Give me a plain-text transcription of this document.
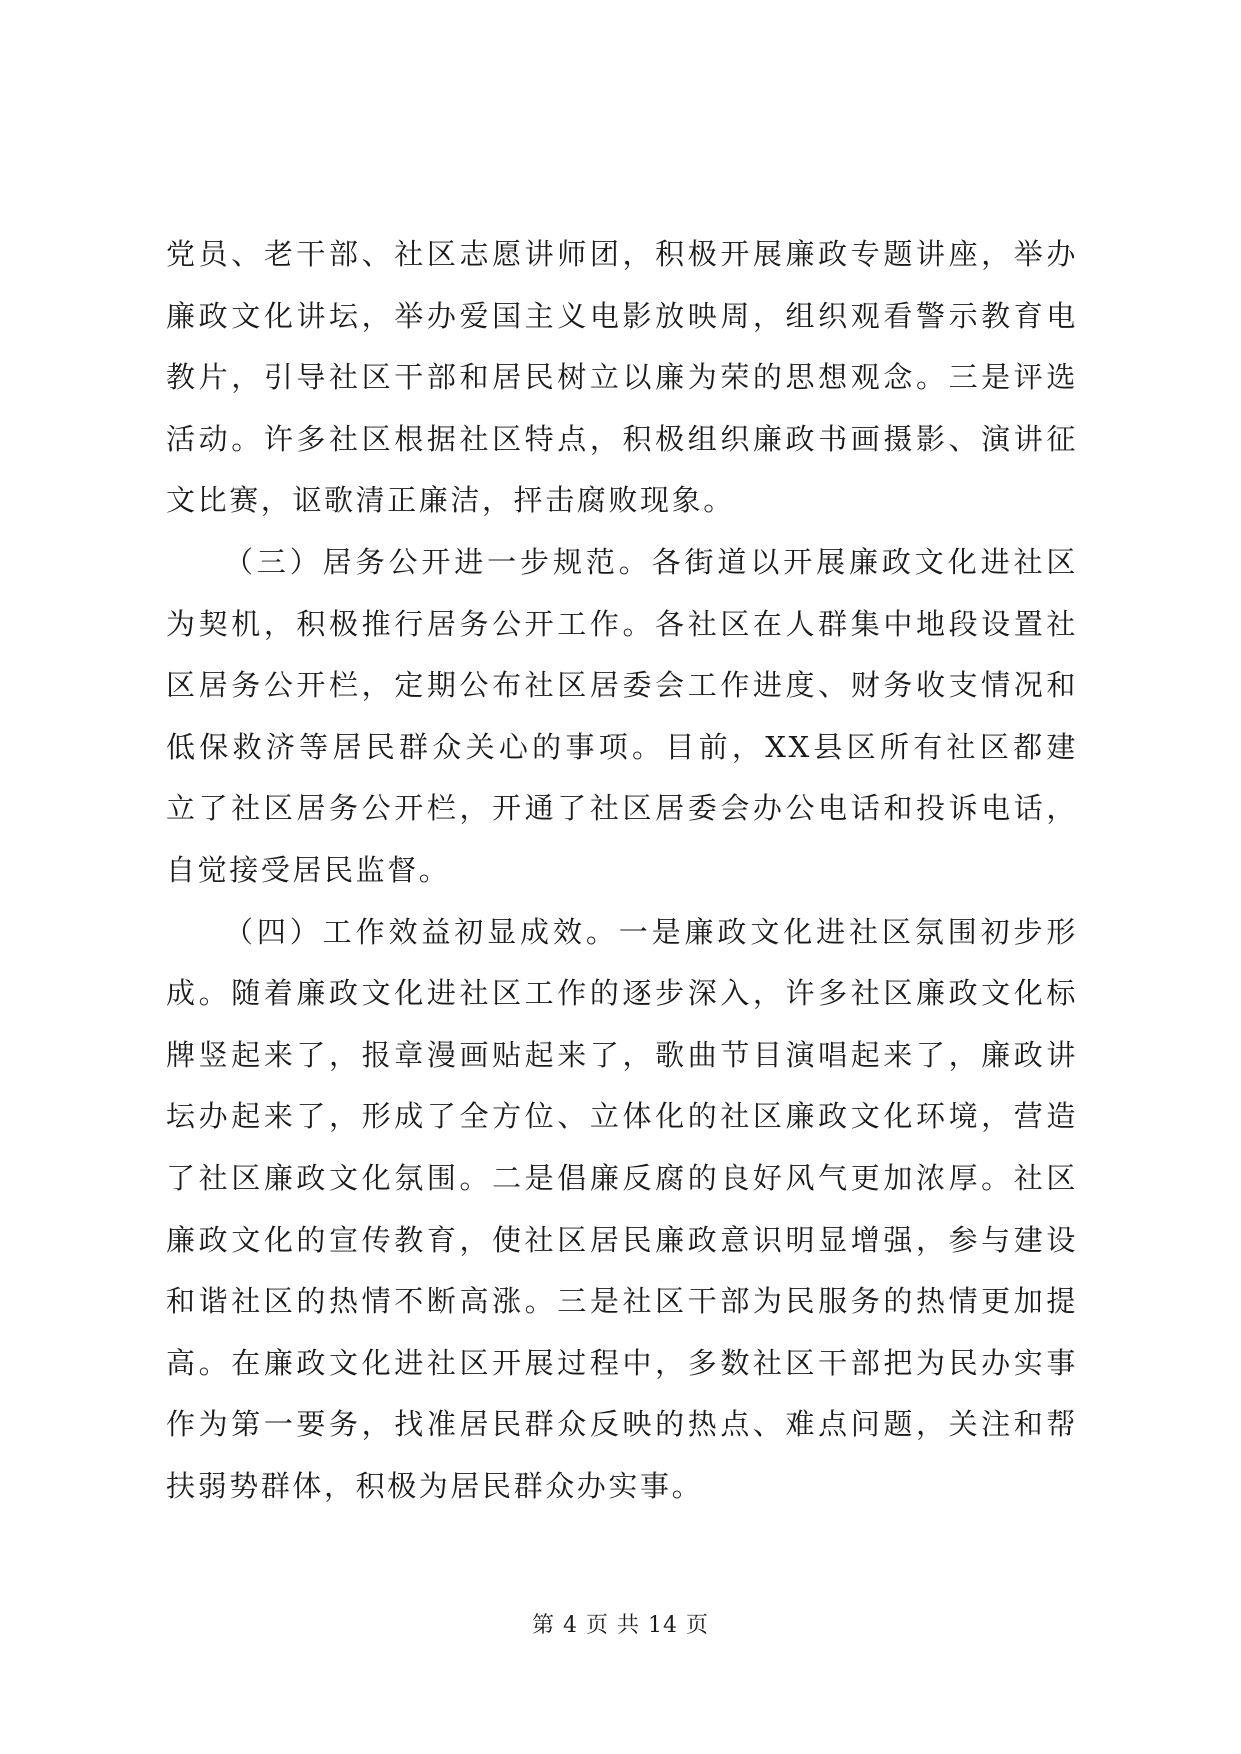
党员、老干部、社区志愿讲师团，积极开展廉政专题讲座，举办
廉政文化讲坛，举办爱国主义电影放映周，组织观看警示教育电
教片，引导社区干部和居民树立以廉为荣的思想观念。三是评选
活动。许多社区根据社区特点，积极组织廉政书画摄影、演讲征
文比赛，讴歌清正廉洁，抨击腐败现象。
（三）居务公开进一步规范。各街道以开展廉政文化进社区
为契机，积极推行居务公开工作。各社区在人群集中地段设置社
区居务公开栏，定期公布社区居委会工作进度、财务收支情况和
低保救济等居民群众关心的事项。目前，XX县区所有社区都建
立了社区居务公开栏，开通了社区居委会办公电话和投诉电话，
自觉接受居民监督。
（四）工作效益初显成效。一是廉政文化进社区氛围初步形
成。随着廉政文化进社区工作的逐步深入，许多社区廉政文化标
牌竖起来了，报章漫画贴起来了，歌曲节目演唱起来了，廉政讲
坛办起来了，形成了全方位、立体化的社区廉政文化环境，营造
了社区廉政文化氛围。二是倡廉反腐的良好风气更加浓厚。社区
廉政文化的宣传教育，使社区居民廉政意识明显增强，参与建设
和谐社区的热情不断高涨。三是社区干部为民服务的热情更加提
高。在廉政文化进社区开展过程中，多数社区干部把为民办实事
作为第一要务，找准居民群众反映的热点、难点问题，关注和帮
扶弱势群体，积极为居民群众办实事。
第 4 页 共 14 页
